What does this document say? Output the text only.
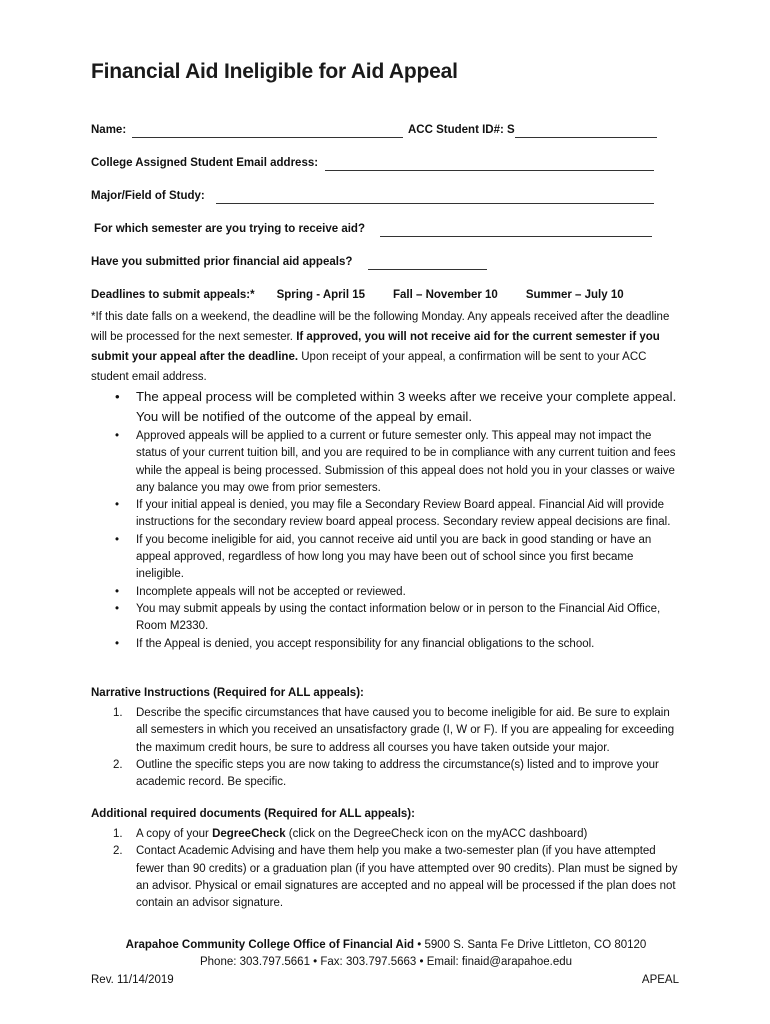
Financial Aid Ineligible for Aid Appeal
Name:	ACC Student ID#: S
College Assigned Student Email address:
Major/Field of Study:
For which semester are you trying to receive aid?
Have you submitted prior financial aid appeals?
Deadlines to submit appeals:* Spring - April 15 Fall – November 10 Summer – July 10
*If this date falls on a weekend, the deadline will be the following Monday. Any appeals received after the deadline will be processed for the next semester. If approved, you will not receive aid for the current semester if you submit your appeal after the deadline. Upon receipt of your appeal, a confirmation will be sent to your ACC student email address.
• The appeal process will be completed within 3 weeks after we receive your complete appeal. You will be notified of the outcome of the appeal by email.
• Approved appeals will be applied to a current or future semester only. This appeal may not impact the status of your current tuition bill, and you are required to be in compliance with any current tuition and fees while the appeal is being processed. Submission of this appeal does not hold you in your classes or waive any balance you may owe from prior semesters.
• If your initial appeal is denied, you may file a Secondary Review Board appeal. Financial Aid will provide instructions for the secondary review board appeal process. Secondary review appeal decisions are final.
• If you become ineligible for aid, you cannot receive aid until you are back in good standing or have an appeal approved, regardless of how long you may have been out of school since you first became ineligible.
• Incomplete appeals will not be accepted or reviewed.
• You may submit appeals by using the contact information below or in person to the Financial Aid Office, Room M2330.
• If the Appeal is denied, you accept responsibility for any financial obligations to the school.
Narrative Instructions (Required for ALL appeals):
1. Describe the specific circumstances that have caused you to become ineligible for aid. Be sure to explain all semesters in which you received an unsatisfactory grade (I, W or F). If you are appealing for exceeding the maximum credit hours, be sure to address all courses you have taken outside your major.
2. Outline the specific steps you are now taking to address the circumstance(s) listed and to improve your academic record. Be specific.
Additional required documents (Required for ALL appeals):
1. A copy of your DegreeCheck (click on the DegreeCheck icon on the myACC dashboard)
2. Contact Academic Advising and have them help you make a two-semester plan (if you have attempted fewer than 90 credits) or a graduation plan (if you have attempted over 90 credits). Plan must be signed by an advisor. Physical or email signatures are accepted and no appeal will be processed if the plan does not contain an advisor signature.
Arapahoe Community College Office of Financial Aid • 5900 S. Santa Fe Drive Littleton, CO 80120
Phone: 303.797.5661 • Fax: 303.797.5663 • Email: finaid@arapahoe.edu
Rev. 11/14/2019	APEAL
